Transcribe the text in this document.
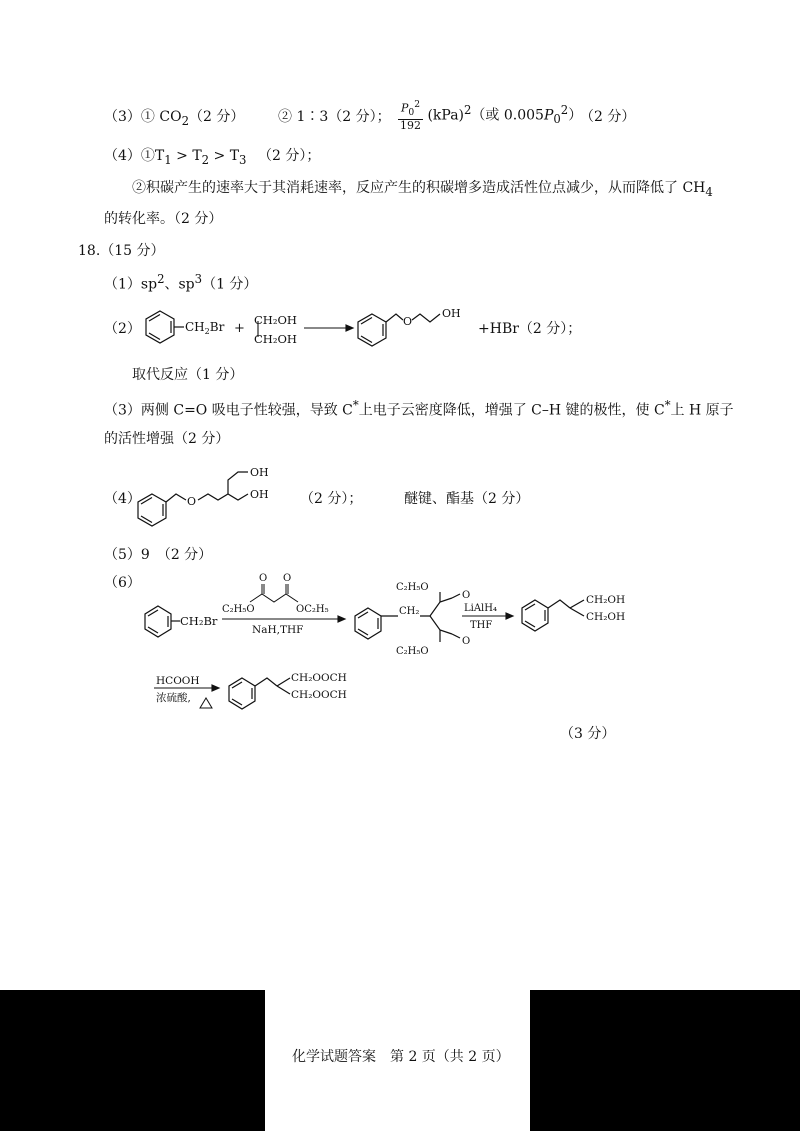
（3）① $CO_2(2$ 分） ② 1∶3（2 分）； $\frac{P_0^2}{192} (kPa)^2$（或 $0.005P_0^2$）
（2 分）
$(4)①T_1 > T_2 > T_3$ （2 分）；
②积碳产生的速率大于其消耗速率，反应产生的积碳增多造成活性位点减少，从而降低了 $CH_4$
的转化率。（2 分）
18.（15 分）
$(1)sp^2$、$sp^3(1$ 分）
（2）	$CH_2Br$ +
CH₂OH
CH₂OH
O
OH
+HBr（2 分）；
取代反应（1 分）
（3）两侧 C=O 吸电子性较强，导致 C*上电子云密度降低，增强了 C–H 键的极性，使 C*上 H 原子
的活性增强（2 分）
（4）	O
OH
OH （2 分）；	醚键、酯基（2 分）
（5）9　（2 分）
（6）
CH₂Br
O O
C₂H₅O	OC₂H₅
NaH,THF
CH₂
C₂H₅O
O
O
C₂H₅O
LiAlH₄
THF
CH₂OH
CH₂OH
HCOOH
浓硫酸,
CH₂OOCH
CH₂OOCH
（3 分）
化学试题答案　第 2 页（共 2 页）
